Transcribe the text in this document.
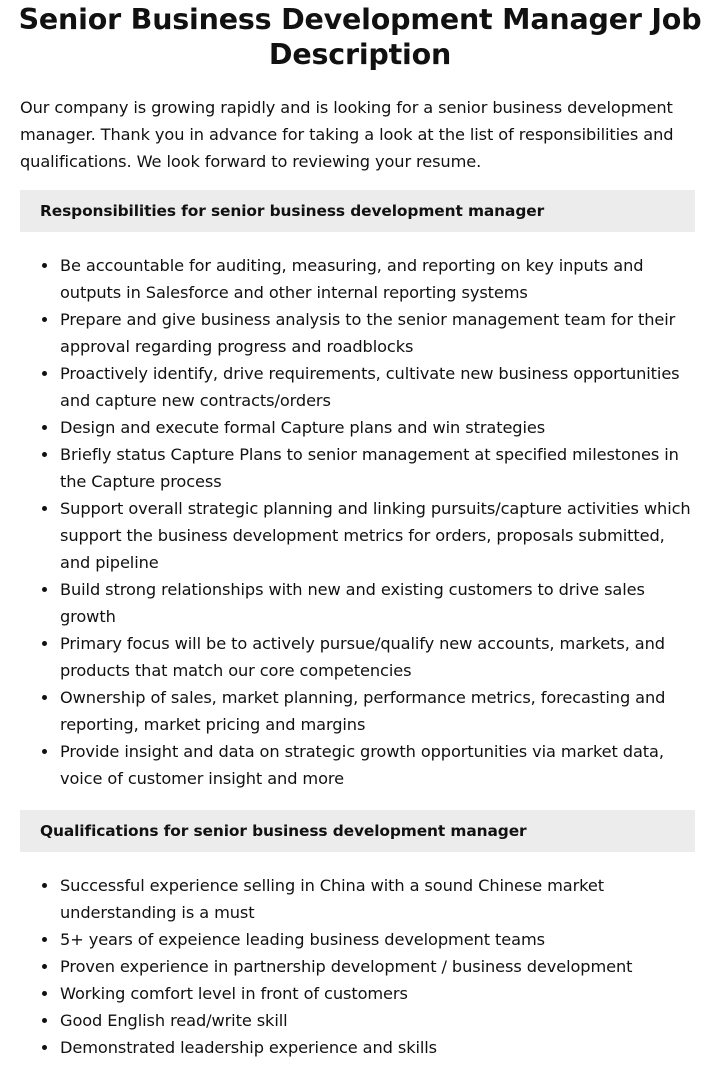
Senior Business Development Manager Job Description

Our company is growing rapidly and is looking for a senior business development manager. Thank you in advance for taking a look at the list of responsibilities and qualifications. We look forward to reviewing your resume.

Responsibilities for senior business development manager
Be accountable for auditing, measuring, and reporting on key inputs and outputs in Salesforce and other internal reporting systems
Prepare and give business analysis to the senior management team for their approval regarding progress and roadblocks
Proactively identify, drive requirements, cultivate new business opportunities and capture new contracts/orders
Design and execute formal Capture plans and win strategies
Briefly status Capture Plans to senior management at specified milestones in the Capture process
Support overall strategic planning and linking pursuits/capture activities which support the business development metrics for orders, proposals submitted, and pipeline
Build strong relationships with new and existing customers to drive sales growth
Primary focus will be to actively pursue/qualify new accounts, markets, and products that match our core competencies
Ownership of sales, market planning, performance metrics, forecasting and reporting, market pricing and margins
Provide insight and data on strategic growth opportunities via market data, voice of customer insight and more
Qualifications for senior business development manager
Successful experience selling in China with a sound Chinese market understanding is a must
5+ years of expeience leading business development teams
Proven experience in partnership development / business development
Working comfort level in front of customers
Good English read/write skill
Demonstrated leadership experience and skills
